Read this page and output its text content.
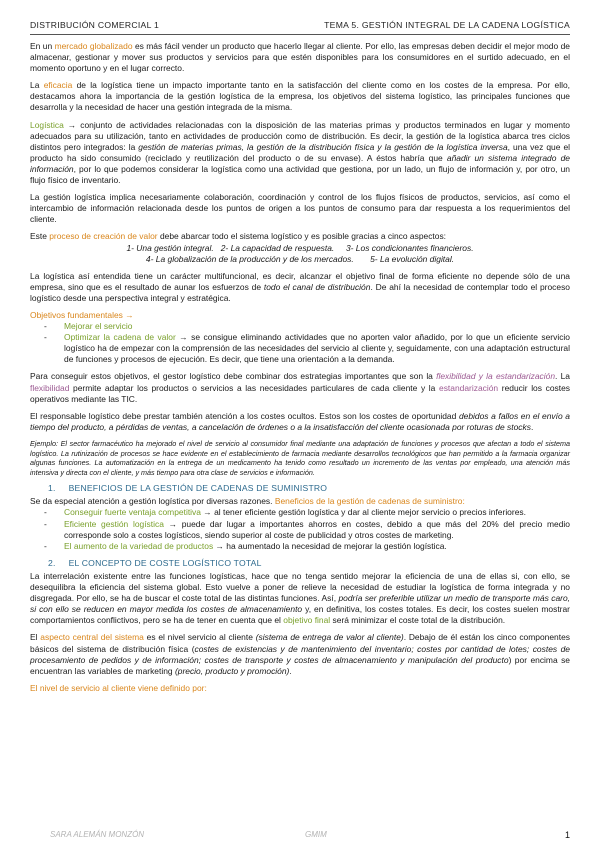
DISTRIBUCIÓN COMERCIAL 1	TEMA 5. GESTIÓN INTEGRAL DE LA CADENA LOGÍSTICA

En un mercado globalizado es más fácil vender un producto que hacerlo llegar al cliente. Por ello, las empresas deben decidir el mejor modo de almacenar, gestionar y mover sus productos y servicios para que estén disponibles para los consumidores en el surtido adecuado, en el momento oportuno y en el lugar correcto.

La eficacia de la logística tiene un impacto importante tanto en la satisfacción del cliente como en los costes de la empresa. Por ello, destacamos ahora la importancia de la gestión logística de la empresa, los objetivos del sistema logístico, las principales funciones que desarrolla y la necesidad de hacer una gestión integrada de la misma.

Logística → conjunto de actividades relacionadas con la disposición de las materias primas y productos terminados en lugar y momento adecuados para su utilización, tanto en actividades de producción como de distribución. Es decir, la gestión de la logística abarca tres ciclos distintos pero integrados: la gestión de materias primas, la gestión de la distribución física y la gestión de la logística inversa, una vez que el producto ha sido consumido (reciclado y reutilización del producto o de su envase). A éstos habría que añadir un sistema integrado de información, por lo que podemos considerar la logística como una actividad que gestiona, por un lado, un flujo de información y, por otro, un flujo físico de inventario.

La gestión logística implica necesariamente colaboración, coordinación y control de los flujos físicos de productos, servicios, así como el intercambio de información relacionada desde los puntos de origen a los puntos de consumo para dar respuesta a los requerimientos del cliente.

Este proceso de creación de valor debe abarcar todo el sistema logístico y es posible gracias a cinco aspectos:

1- Una gestión integral.   2- La capacidad de respuesta.     3- Los condicionantes financieros.

4- La globalización de la producción y de los mercados.       5- La evolución digital.

La logística así entendida tiene un carácter multifuncional, es decir, alcanzar el objetivo final de forma eficiente no depende sólo de una empresa, sino que es el resultado de aunar los esfuerzos de todo el canal de distribución. De ahí la necesidad de contemplar todo el proceso logístico desde una perspectiva integral y estratégica.

Objetivos fundamentales →

- Mejorar el servicio
- Optimizar la cadena de valor → se consigue eliminando actividades que no aporten valor añadido, por lo que un eficiente servicio logístico ha de empezar con la comprensión de las necesidades del servicio al cliente y, seguidamente, con una adaptación estructural de funciones y procesos de ejecución. Es decir, que tiene una orientación a la demanda.

Para conseguir estos objetivos, el gestor logístico debe combinar dos estrategias importantes que son la flexibilidad y la estandarización. La flexibilidad permite adaptar los productos o servicios a las necesidades particulares de cada cliente y la estandarización reducir los costes operativos mediante las TIC.

El responsable logístico debe prestar también atención a los costes ocultos. Estos son los costes de oportunidad debidos a fallos en el envío a tiempo del producto, a pérdidas de ventas, a cancelación de órdenes o a la insatisfacción del cliente ocasionada por roturas de stocks.

Ejemplo: El sector farmacéutico ha mejorado el nivel de servicio al consumidor final mediante una adaptación de funciones y procesos que afectan a todo el sistema logístico. La rutinización de procesos se hace evidente en el establecimiento de farmacia mediante desarrollos tecnológicos que han permitido a la farmacia organizar algunas funciones. La automatización en la entrega de un medicamento ha tenido como resultado un incremento de las ventas por empleado, una atención más intensiva y directa con el cliente, y más tiempo para otra clase de servicios e información.

1. BENEFICIOS DE LA GESTIÓN DE CADENAS DE SUMINISTRO

Se da especial atención a gestión logística por diversas razones. Beneficios de la gestión de cadenas de suministro:

- Conseguir fuerte ventaja competitiva → al tener eficiente gestión logística y dar al cliente mejor servicio o precios inferiores.
- Eficiente gestión logística → puede dar lugar a importantes ahorros en costes, debido a que más del 20% del precio medio corresponde solo a costes logísticos, siendo superior al coste de publicidad y otros costes de marketing.
- El aumento de la variedad de productos → ha aumentado la necesidad de mejorar la gestión logística.
2. EL CONCEPTO DE COSTE LOGÍSTICO TOTAL

La interrelación existente entre las funciones logísticas, hace que no tenga sentido mejorar la eficiencia de una de ellas si, con ello, se desequilibra la eficiencia del sistema global. Esto vuelve a poner de relieve la necesidad de estudiar la logística de forma integrada y no disgregada. Por ello, se ha de buscar el coste total de las distintas funciones. Así, podría ser preferible utilizar un medio de transporte más caro, si con ello se reducen en mayor medida los costes de almacenamiento y, en definitiva, los costes totales. Es decir, los costes suelen mostrar comportamientos conflictivos, pero se ha de tener en cuenta que el objetivo final será minimizar el coste total de la distribución.

El aspecto central del sistema es el nivel servicio al cliente (sistema de entrega de valor al cliente). Debajo de él están los cinco componentes básicos del sistema de distribución física (costes de existencias y de mantenimiento del inventario; costes por cantidad de lotes; costes de procesamiento de pedidos y de información; costes de transporte y costes de almacenamiento y manipulación del producto) por encima se encuentran las variables de marketing (precio, producto y promoción).

El nivel de servicio al cliente viene definido por:

SARA ALEMÁN MONZÓN	GMIM	1
